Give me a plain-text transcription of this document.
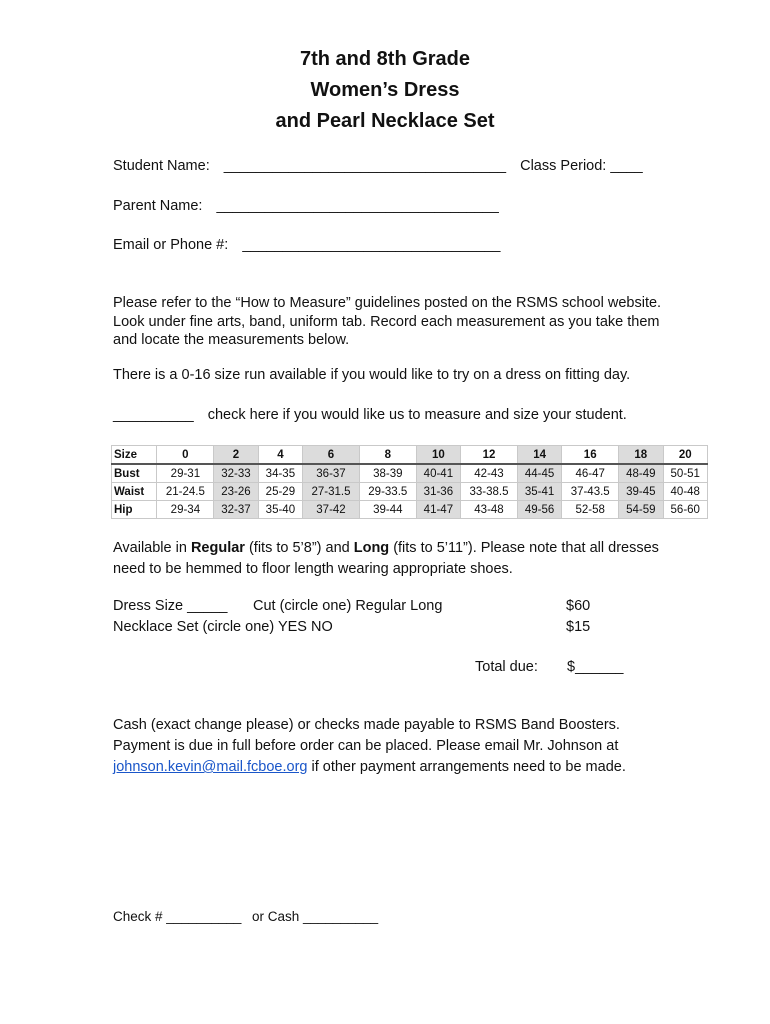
7th and 8th Grade
Women’s Dress
and Pearl Necklace Set
Student Name: ___________________________________ Class Period: ____
Parent Name: ___________________________________
Email or Phone #: ________________________________
Please refer to the “How to Measure” guidelines posted on the RSMS school website. Look under fine arts, band, uniform tab. Record each measurement as you take them and locate the measurements below.
There is a 0-16 size run available if you would like to try on a dress on fitting day.
__________ check here if you would like us to measure and size your student.
Size	0	2	4	6	8	10	12	14	16	18	20
Bust	29-31	32-33	34-35	36-37	38-39	40-41	42-43	44-45	46-47	48-49	50-51
Waist	21-24.5	23-26	25-29	27-31.5	29-33.5	31-36	33-38.5	35-41	37-43.5	39-45	40-48
Hip	29-34	32-37	35-40	37-42	39-44	41-47	43-48	49-56	52-58	54-59	56-60
Available in Regular (fits to 5’8”) and Long (fits to 5’11”). Please note that all dresses need to be hemmed to floor length wearing appropriate shoes.
Dress Size _____ Cut (circle one) Regular Long	$60
Necklace Set (circle one) YES NO	$15
Total due: $______
Cash (exact change please) or checks made payable to RSMS Band Boosters.
Payment is due in full before order can be placed. Please email Mr. Johnson at
johnson.kevin@mail.fcboe.org if other payment arrangements need to be made.
Check # __________ or Cash __________
